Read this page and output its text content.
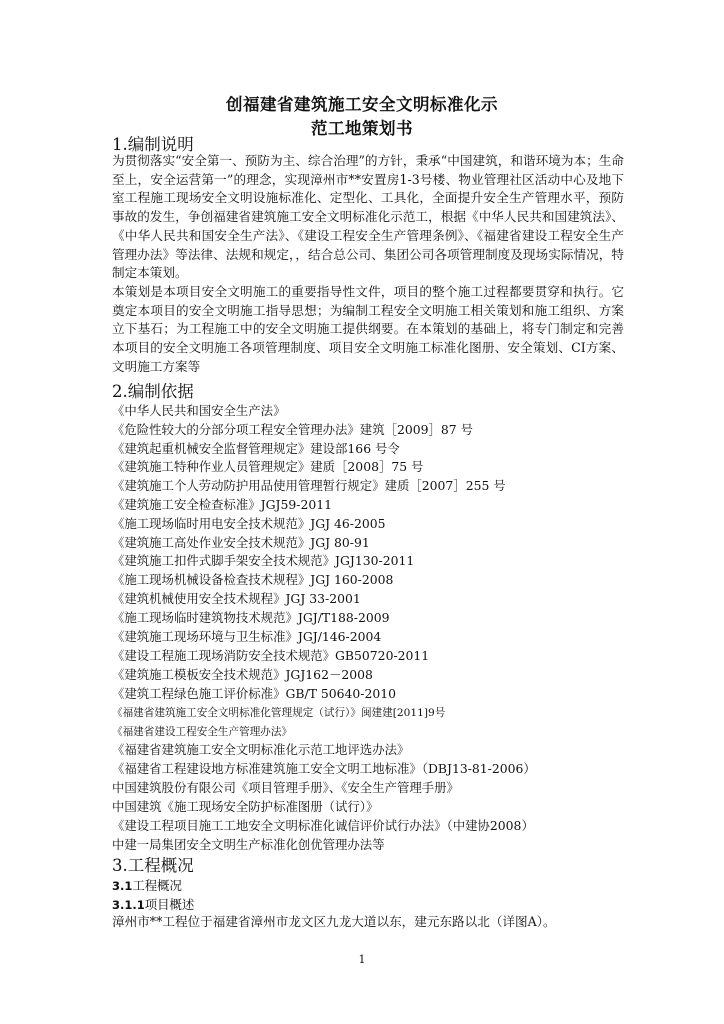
创福建省建筑施工安全文明标准化示
范工地策划书
1.编制说明

为贯彻落实“安全第一、预防为主、综合治理”的方针，秉承“中国建筑，和谐环境为本；生命至上，安全运营第一”的理念，实现漳州市**安置房1-3号楼、物业管理社区活动中心及地下室工程施工现场安全文明设施标准化、定型化、工具化，全面提升安全生产管理水平，预防事故的发生，争创福建省建筑施工安全文明标准化示范工，根据《中华人民共和国建筑法》、《中华人民共和国安全生产法》、《建设工程安全生产管理条例》、《福建省建设工程安全生产管理办法》等法律、法规和规定，，结合总公司、集团公司各项管理制度及现场实际情况，特制定本策划。

本策划是本项目安全文明施工的重要指导性文件，项目的整个施工过程都要贯穿和执行。它奠定本项目的安全文明施工指导思想；为编制工程安全文明施工相关策划和施工组织、方案立下基石；为工程施工中的安全文明施工提供纲要。在本策划的基础上，将专门制定和完善本项目的安全文明施工各项管理制度、项目安全文明施工标准化图册、安全策划、CI方案、文明施工方案等

2.编制依据
《中华人民共和国安全生产法》
《危险性较大的分部分项工程安全管理办法》建筑［2009］87 号
《建筑起重机械安全监督管理规定》建设部166 号令
《建筑施工特种作业人员管理规定》建质［2008］75 号
《建筑施工个人劳动防护用品使用管理暂行规定》建质［2007］255 号
《建筑施工安全检查标准》JGJ59-2011
《施工现场临时用电安全技术规范》JGJ 46-2005
《建筑施工高处作业安全技术规范》JGJ 80-91
《建筑施工扣件式脚手架安全技术规范》JGJ130-2011
《施工现场机械设备检查技术规程》JGJ 160-2008
《建筑机械使用安全技术规程》JGJ 33-2001
《施工现场临时建筑物技术规范》JGJ/T188-2009
《建筑施工现场环境与卫生标准》JGJ/146-2004
《建设工程施工现场消防安全技术规范》GB50720-2011
《建筑施工模板安全技术规范》JGJ162－2008
《建筑工程绿色施工评价标准》GB/T 50640-2010
《福建省建筑施工安全文明标准化管理规定（试行）》闽建建[2011]9号
《福建省建设工程安全生产管理办法》
《福建省建筑施工安全文明标准化示范工地评选办法》
《福建省工程建设地方标准建筑施工安全文明工地标准》（DBJ13-81-2006）
中国建筑股份有限公司《项目管理手册》、《安全生产管理手册》
中国建筑《施工现场安全防护标准图册（试行）》
《建设工程项目施工工地安全文明标准化诚信评价试行办法》（中建协2008）
中建一局集团安全文明生产标准化创优管理办法等
3.工程概况
3.1工程概况
3.1.1项目概述

漳州市**工程位于福建省漳州市龙文区九龙大道以东，建元东路以北（详图A）。

1
